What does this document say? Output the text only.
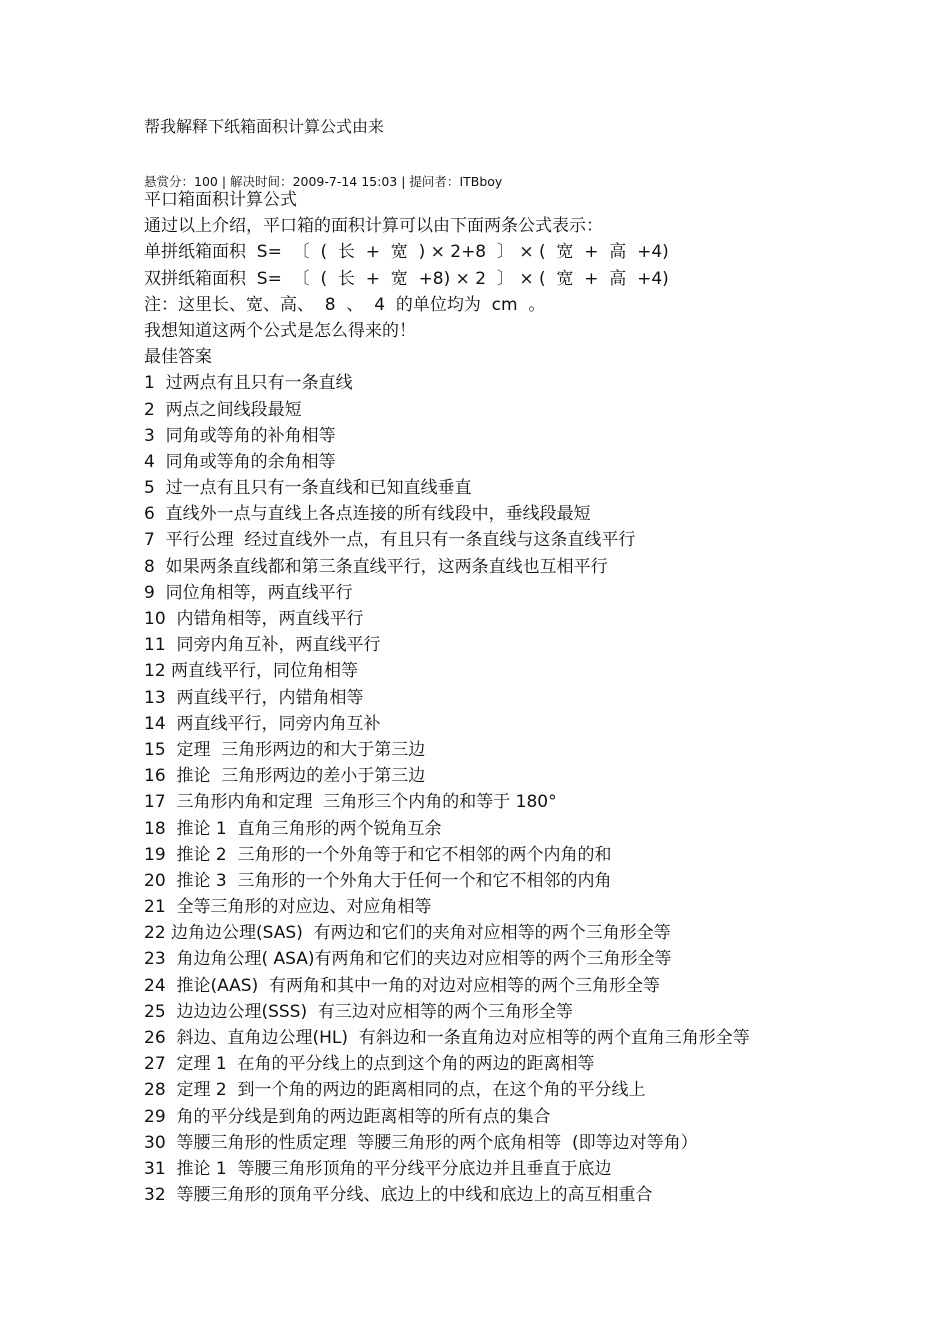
帮我解释下纸箱面积计算公式由来
悬赏分：100 | 解决时间：2009-7-14 15:03 | 提问者：ITBboy
平口箱面积计算公式
通过以上介绍，平口箱的面积计算可以由下面两条公式表示：
单拼纸箱面积  S=  〔  (  长  +  宽  ) × 2+8  〕 × (  宽  +  高  +4)
双拼纸箱面积  S=  〔  (  长  +  宽  +8) × 2  〕 × (  宽  +  高  +4)
注：这里长、宽、高、  8  、  4  的单位均为  cm  。
我想知道这两个公式是怎么得来的！
最佳答案
1  过两点有且只有一条直线
2  两点之间线段最短
3  同角或等角的补角相等
4  同角或等角的余角相等
5  过一点有且只有一条直线和已知直线垂直
6  直线外一点与直线上各点连接的所有线段中，垂线段最短
7  平行公理  经过直线外一点，有且只有一条直线与这条直线平行
8  如果两条直线都和第三条直线平行，这两条直线也互相平行
9  同位角相等，两直线平行
10  内错角相等，两直线平行
11  同旁内角互补，两直线平行
12 两直线平行，同位角相等
13  两直线平行，内错角相等
14  两直线平行，同旁内角互补
15  定理  三角形两边的和大于第三边
16  推论  三角形两边的差小于第三边
17  三角形内角和定理  三角形三个内角的和等于 180°
18  推论 1  直角三角形的两个锐角互余
19  推论 2  三角形的一个外角等于和它不相邻的两个内角的和
20  推论 3  三角形的一个外角大于任何一个和它不相邻的内角
21  全等三角形的对应边、对应角相等
22 边角边公理(SAS)  有两边和它们的夹角对应相等的两个三角形全等
23  角边角公理( ASA)有两角和它们的夹边对应相等的两个三角形全等
24  推论(AAS)  有两角和其中一角的对边对应相等的两个三角形全等
25  边边边公理(SSS)  有三边对应相等的两个三角形全等
26  斜边、直角边公理(HL)  有斜边和一条直角边对应相等的两个直角三角形全等
27  定理 1  在角的平分线上的点到这个角的两边的距离相等
28  定理 2  到一个角的两边的距离相同的点，在这个角的平分线上
29  角的平分线是到角的两边距离相等的所有点的集合
30  等腰三角形的性质定理  等腰三角形的两个底角相等  (即等边对等角）
31  推论 1  等腰三角形顶角的平分线平分底边并且垂直于底边
32  等腰三角形的顶角平分线、底边上的中线和底边上的高互相重合
